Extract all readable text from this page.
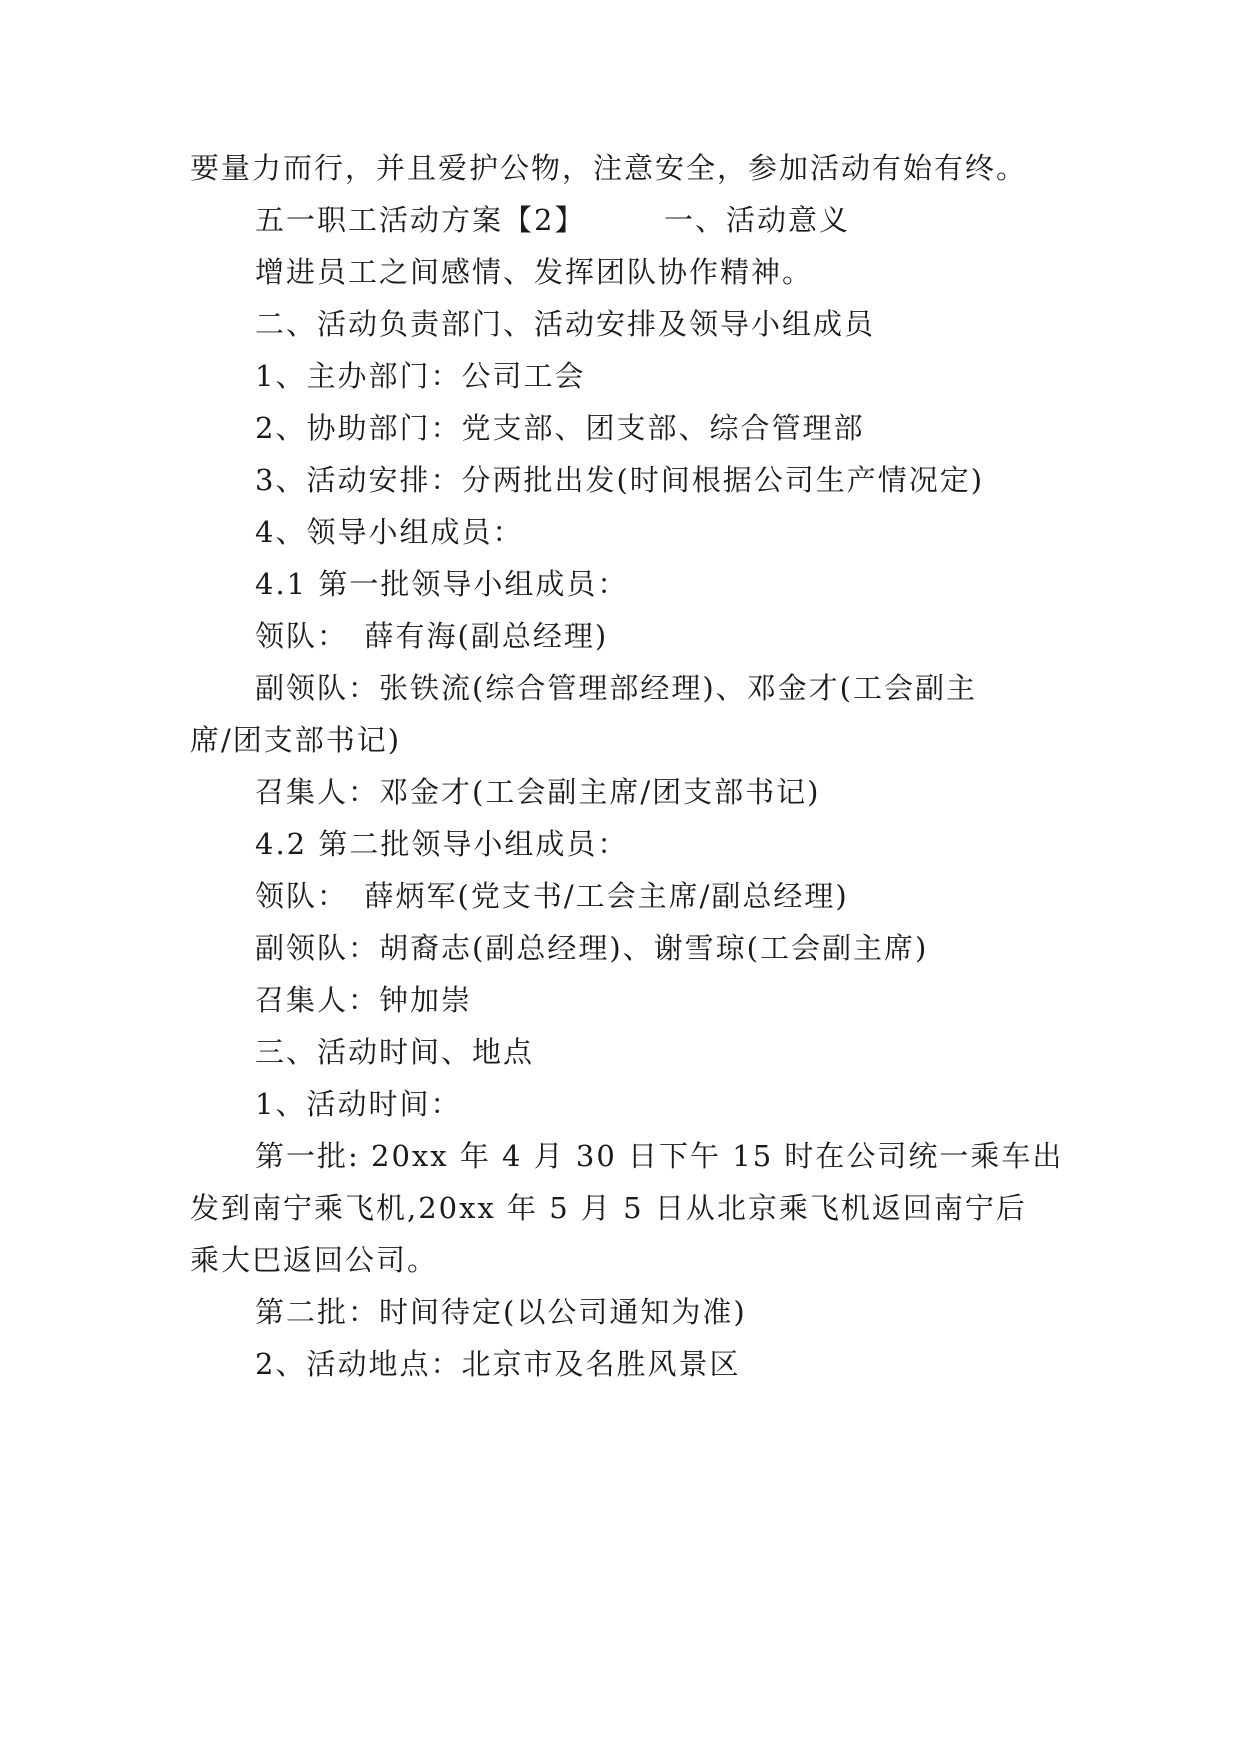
要量力而行，并且爱护公物，注意安全，参加活动有始有终。
五一职工活动方案【2】　　　一、活动意义
增进员工之间感情、发挥团队协作精神。
二、活动负责部门、活动安排及领导小组成员
1、主办部门：公司工会
2、协助部门：党支部、团支部、综合管理部
3、活动安排：分两批出发(时间根据公司生产情况定)
4、领导小组成员：
4.1 第一批领导小组成员：
领队：　薛有海(副总经理)
副领队：张铁流(综合管理部经理)、邓金才(工会副主
席/团支部书记)
召集人：邓金才(工会副主席/团支部书记)
4.2 第二批领导小组成员：
领队：　薛炳军(党支书/工会主席/副总经理)
副领队：胡裔志(副总经理)、谢雪琼(工会副主席)
召集人：钟加崇
三、活动时间、地点
1、活动时间：
第一批: 20xx 年 4 月 30 日下午 15 时在公司统一乘车出
发到南宁乘飞机,20xx 年 5 月 5 日从北京乘飞机返回南宁后
乘大巴返回公司。
第二批：时间待定(以公司通知为准)
2、活动地点：北京市及名胜风景区
